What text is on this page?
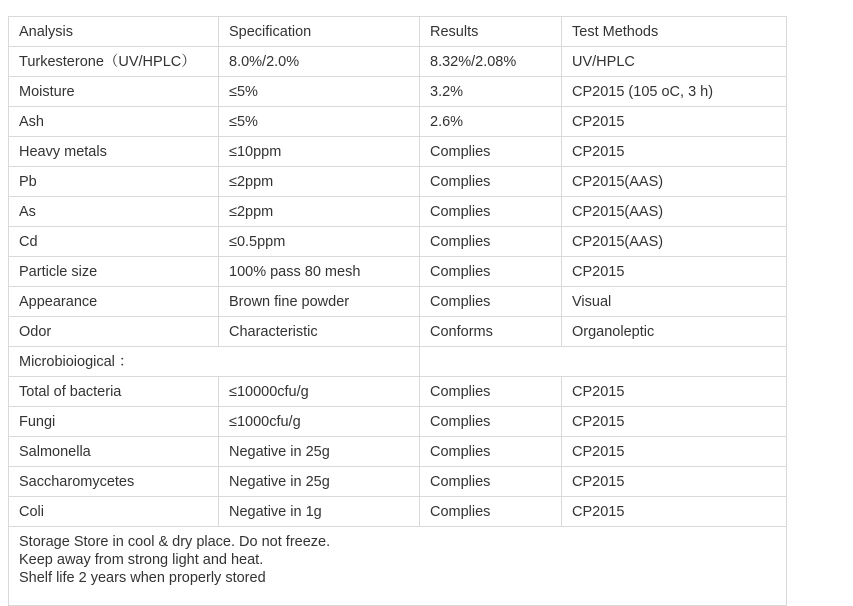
Analysis	Specification	Results	Test Methods
Turkesterone（UV/HPLC）	8.0%/2.0%	8.32%/2.08%	UV/HPLC
Moisture	≤5%	3.2%	CP2015 (105 oC, 3 h)
Ash	≤5%	2.6%	CP2015
Heavy metals	≤10ppm	Complies	CP2015
Pb	≤2ppm	Complies	CP2015(AAS)
As	≤2ppm	Complies	CP2015(AAS)
Cd	≤0.5ppm	Complies	CP2015(AAS)
Particle size	100% pass 80 mesh	Complies	CP2015
Appearance	Brown fine powder	Complies	Visual
Odor	Characteristic	Conforms	Organoleptic
Microbioiogical ：			
Total of bacteria	≤10000cfu/g	Complies	CP2015
Fungi	≤1000cfu/g	Complies	CP2015
Salmonella	Negative in 25g	Complies	CP2015
Saccharomycetes	Negative in 25g	Complies	CP2015
Coli	Negative in 1g	Complies	CP2015

Storage Store in cool & dry place. Do not freeze.
Keep away from strong light and heat.
Shelf life 2 years when properly stored			
